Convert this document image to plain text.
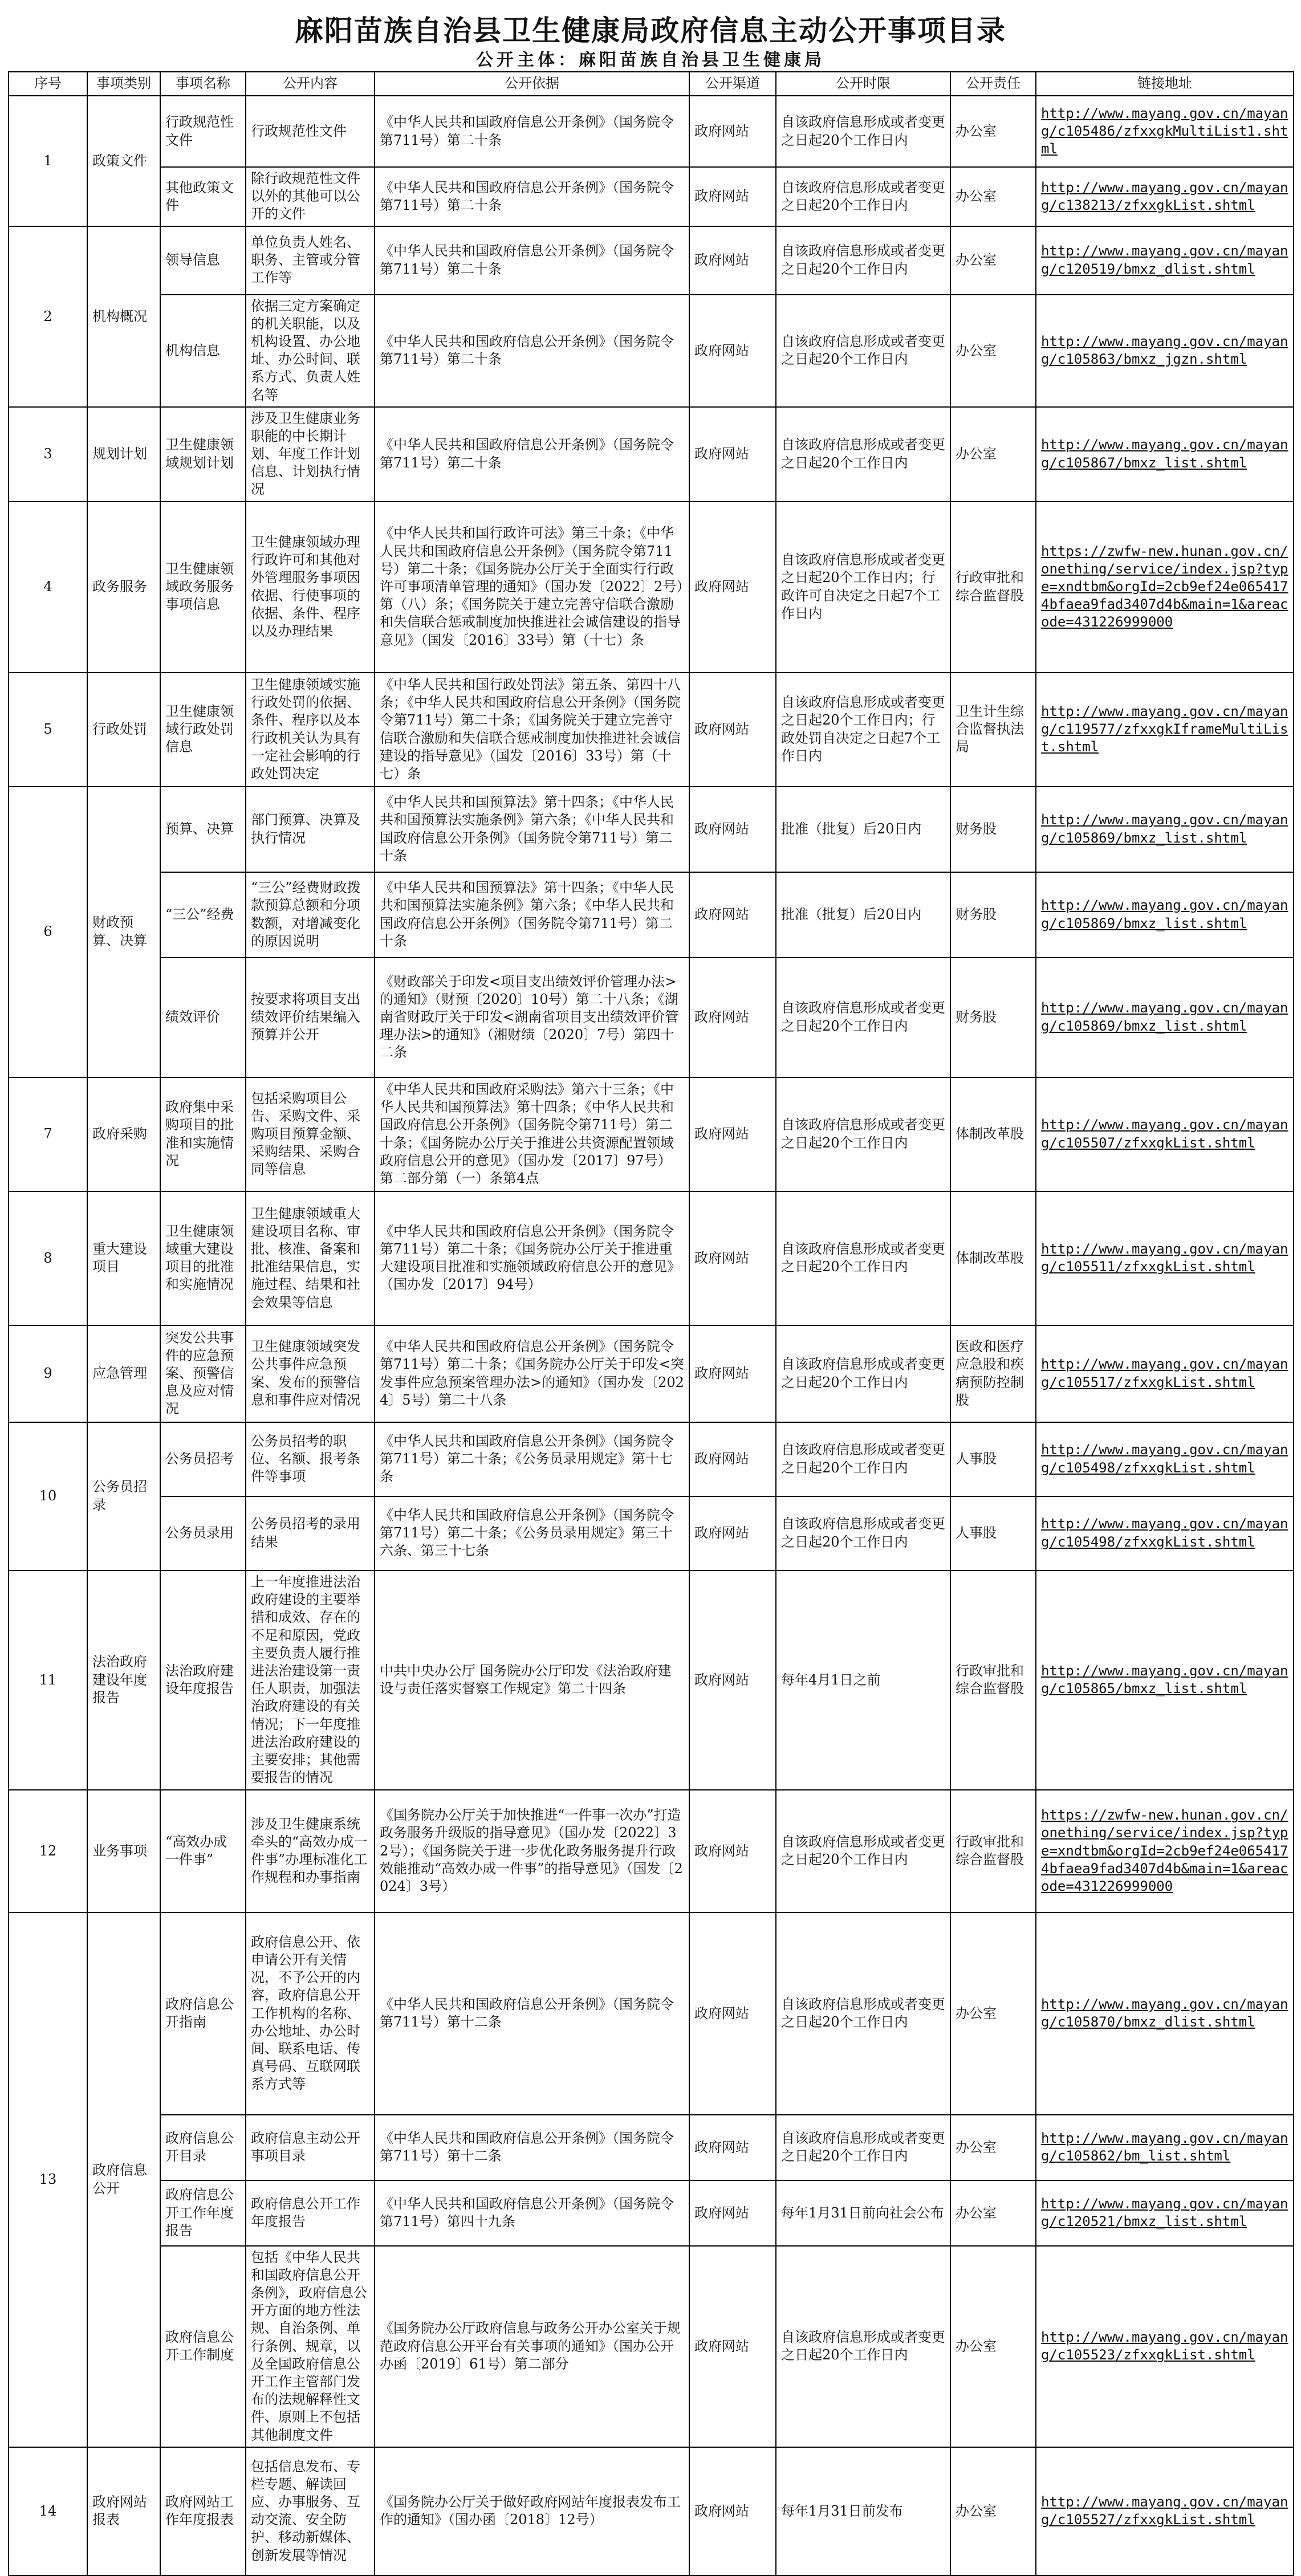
麻阳苗族自治县卫生健康局政府信息主动公开事项目录
公开主体：麻阳苗族自治县卫生健康局
序号	事项类别	事项名称	公开内容	公开依据	公开渠道	公开时限	公开责任	链接地址
1	政策文件	行政规范性文件	行政规范性文件	《中华人民共和国政府信息公开条例》（国务院令第711号）第二十条	政府网站	自该政府信息形成或者变更之日起20个工作日内	办公室	http://www.mayang.gov.cn/mayang/c105486/zfxxgkMultiList1.shtml
		其他政策文件	除行政规范性文件以外的其他可以公开的文件	《中华人民共和国政府信息公开条例》（国务院令第711号）第二十条	政府网站	自该政府信息形成或者变更之日起20个工作日内	办公室	http://www.mayang.gov.cn/mayang/c138213/zfxxgkList.shtml
2	机构概况	领导信息	单位负责人姓名、职务、主管或分管工作等	《中华人民共和国政府信息公开条例》（国务院令第711号）第二十条	政府网站	自该政府信息形成或者变更之日起20个工作日内	办公室	http://www.mayang.gov.cn/mayang/c120519/bmxz_dlist.shtml
		机构信息	依据三定方案确定的机关职能，以及机构设置、办公地址、办公时间、联系方式、负责人姓名等	《中华人民共和国政府信息公开条例》（国务院令第711号）第二十条	政府网站	自该政府信息形成或者变更之日起20个工作日内	办公室	http://www.mayang.gov.cn/mayang/c105863/bmxz_jgzn.shtml
3	规划计划	卫生健康领域规划计划	涉及卫生健康业务职能的中长期计划、年度工作计划信息、计划执行情况	《中华人民共和国政府信息公开条例》（国务院令第711号）第二十条	政府网站	自该政府信息形成或者变更之日起20个工作日内	办公室	http://www.mayang.gov.cn/mayang/c105867/bmxz_list.shtml
4	政务服务	卫生健康领域政务服务事项信息	卫生健康领域办理行政许可和其他对外管理服务事项因依据、行使事项的依据、条件、程序以及办理结果	《中华人民共和国行政许可法》第三十条；《中华人民共和国政府信息公开条例》（国务院令第711号）第二十条；《国务院办公厅关于全面实行行政许可事项清单管理的通知》（国办发〔2022〕2号）第（八）条；《国务院关于建立完善守信联合激励和失信联合惩戒制度加快推进社会诚信建设的指导意见》（国发〔2016〕33号）第（十七）条	政府网站	自该政府信息形成或者变更之日起20个工作日内；行政许可自决定之日起7个工作日内	行政审批和综合监督股	https://zwfw-new.hunan.gov.cn/onething/service/index.jsp?type=xndtbm&orgId=2cb9ef24e0654174bfaea9fad3407d4b&main=1&areacode=431226999000
5	行政处罚	卫生健康领域行政处罚信息	卫生健康领域实施行政处罚的依据、条件、程序以及本行政机关认为具有一定社会影响的行政处罚决定	《中华人民共和国行政处罚法》第五条、第四十八条；《中华人民共和国政府信息公开条例》（国务院令第711号）第二十条；《国务院关于建立完善守信联合激励和失信联合惩戒制度加快推进社会诚信建设的指导意见》（国发〔2016〕33号）第（十七）条	政府网站	自该政府信息形成或者变更之日起20个工作日内；行政处罚自决定之日起7个工作日内	卫生计生综合监督执法局	http://www.mayang.gov.cn/mayang/c119577/zfxxgkIframeMultiList.shtml
6	财政预算、决算	预算、决算	部门预算、决算及执行情况	《中华人民共和国预算法》第十四条；《中华人民共和国预算法实施条例》第六条；《中华人民共和国政府信息公开条例》（国务院令第711号）第二十条	政府网站	批准（批复）后20日内	财务股	http://www.mayang.gov.cn/mayang/c105869/bmxz_list.shtml
		“三公”经费	“三公”经费财政拨款预算总额和分项数额，对增减变化的原因说明	《中华人民共和国预算法》第十四条；《中华人民共和国预算法实施条例》第六条；《中华人民共和国政府信息公开条例》（国务院令第711号）第二十条	政府网站	批准（批复）后20日内	财务股	http://www.mayang.gov.cn/mayang/c105869/bmxz_list.shtml
		绩效评价	按要求将项目支出绩效评价结果编入预算并公开	《财政部关于印发<项目支出绩效评价管理办法>的通知》（财预〔2020〕10号）第二十八条；《湖南省财政厅关于印发<湖南省项目支出绩效评价管理办法>的通知》（湘财绩〔2020〕7号）第四十二条	政府网站	自该政府信息形成或者变更之日起20个工作日内	财务股	http://www.mayang.gov.cn/mayang/c105869/bmxz_list.shtml
7	政府采购	政府集中采购项目的批准和实施情况	包括采购项目公告、采购文件、采购项目预算金额、采购结果、采购合同等信息	《中华人民共和国政府采购法》第六十三条；《中华人民共和国预算法》第十四条；《中华人民共和国政府信息公开条例》（国务院令第711号）第二十条；《国务院办公厅关于推进公共资源配置领域政府信息公开的意见》（国办发〔2017〕97号）第二部分第（一）条第4点	政府网站	自该政府信息形成或者变更之日起20个工作日内	体制改革股	http://www.mayang.gov.cn/mayang/c105507/zfxxgkList.shtml
8	重大建设项目	卫生健康领域重大建设项目的批准和实施情况	卫生健康领域重大建设项目名称、审批、核准、备案和批准结果信息，实施过程、结果和社会效果等信息	《中华人民共和国政府信息公开条例》（国务院令第711号）第二十条；《国务院办公厅关于推进重大建设项目批准和实施领域政府信息公开的意见》（国办发〔2017〕94号）	政府网站	自该政府信息形成或者变更之日起20个工作日内	体制改革股	http://www.mayang.gov.cn/mayang/c105511/zfxxgkList.shtml
9	应急管理	突发公共事件的应急预案、预警信息及应对情况	卫生健康领域突发公共事件应急预案、发布的预警信息和事件应对情况	《中华人民共和国政府信息公开条例》（国务院令第711号）第二十条；《国务院办公厅关于印发<突发事件应急预案管理办法>的通知》（国办发〔2024〕5号）第二十八条	政府网站	自该政府信息形成或者变更之日起20个工作日内	医政和医疗应急股和疾病预防控制股	http://www.mayang.gov.cn/mayang/c105517/zfxxgkList.shtml
10	公务员招录	公务员招考	公务员招考的职位、名额、报考条件等事项	《中华人民共和国政府信息公开条例》（国务院令第711号）第二十条；《公务员录用规定》第十七条	政府网站	自该政府信息形成或者变更之日起20个工作日内	人事股	http://www.mayang.gov.cn/mayang/c105498/zfxxgkList.shtml
		公务员录用	公务员招考的录用结果	《中华人民共和国政府信息公开条例》（国务院令第711号）第二十条；《公务员录用规定》第三十六条、第三十七条	政府网站	自该政府信息形成或者变更之日起20个工作日内	人事股	http://www.mayang.gov.cn/mayang/c105498/zfxxgkList.shtml
11	法治政府建设年度报告	法治政府建设年度报告	上一年度推进法治政府建设的主要举措和成效、存在的不足和原因，党政主要负责人履行推进法治建设第一责任人职责，加强法治政府建设的有关情况；下一年度推进法治政府建设的主要安排；其他需要报告的情况	中共中央办公厅 国务院办公厅印发《法治政府建设与责任落实督察工作规定》第二十四条	政府网站	每年4月1日之前	行政审批和综合监督股	http://www.mayang.gov.cn/mayang/c105865/bmxz_list.shtml
12	业务事项	“高效办成一件事”	涉及卫生健康系统牵头的“高效办成一件事”办理标准化工作规程和办事指南	《国务院办公厅关于加快推进“一件事一次办”打造政务服务升级版的指导意见》（国办发〔2022〕32号）；《国务院关于进一步优化政务服务提升行政效能推动“高效办成一件事”的指导意见》（国发〔2024〕3号）	政府网站	自该政府信息形成或者变更之日起20个工作日内	行政审批和综合监督股	https://zwfw-new.hunan.gov.cn/onething/service/index.jsp?type=xndtbm&orgId=2cb9ef24e0654174bfaea9fad3407d4b&main=1&areacode=431226999000
13	政府信息公开	政府信息公开指南	政府信息公开、依申请公开有关情况，不予公开的内容，政府信息公开工作机构的名称、办公地址、办公时间、联系电话、传真号码、互联网联系方式等	《中华人民共和国政府信息公开条例》（国务院令第711号）第十二条	政府网站	自该政府信息形成或者变更之日起20个工作日内	办公室	http://www.mayang.gov.cn/mayang/c105870/bmxz_dlist.shtml
		政府信息公开目录	政府信息主动公开事项目录	《中华人民共和国政府信息公开条例》（国务院令第711号）第十二条	政府网站	自该政府信息形成或者变更之日起20个工作日内	办公室	http://www.mayang.gov.cn/mayang/c105862/bm_list.shtml
		政府信息公开工作年度报告	政府信息公开工作年度报告	《中华人民共和国政府信息公开条例》（国务院令第711号）第四十九条	政府网站	每年1月31日前向社会公布	办公室	http://www.mayang.gov.cn/mayang/c120521/bmxz_list.shtml
		政府信息公开工作制度	包括《中华人民共和国政府信息公开条例》，政府信息公开方面的地方性法规、自治条例、单行条例、规章，以及全国政府信息公开工作主管部门发布的法规解释性文件、原则上不包括其他制度文件	《国务院办公厅政府信息与政务公开办公室关于规范政府信息公开平台有关事项的通知》（国办公开办函〔2019〕61号）第二部分	政府网站	自该政府信息形成或者变更之日起20个工作日内	办公室	http://www.mayang.gov.cn/mayang/c105523/zfxxgkList.shtml
14	政府网站报表	政府网站工作年度报表	包括信息发布、专栏专题、解读回应、办事服务、互动交流、安全防护、移动新媒体、创新发展等情况	《国务院办公厅关于做好政府网站年度报表发布工作的通知》（国办函〔2018〕12号）	政府网站	每年1月31日前发布	办公室	http://www.mayang.gov.cn/mayang/c105527/zfxxgkList.shtml
